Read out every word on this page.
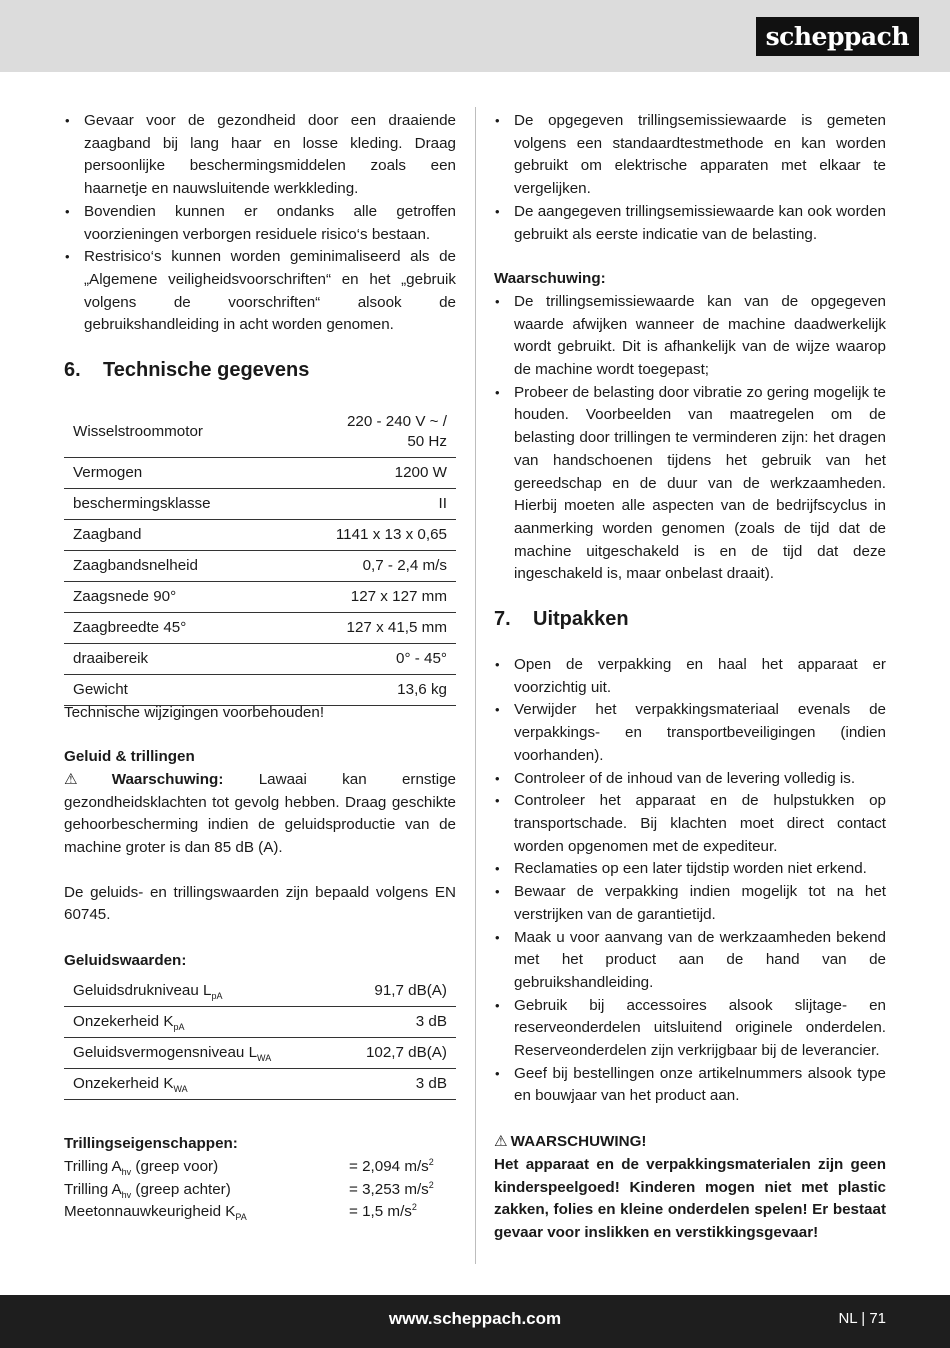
scheppach
• Gevaar voor de gezondheid door een draaiende zaagband bij lang haar en losse kleding. Draag persoonlijke beschermingsmiddelen zoals een haarnetje en nauwsluitende werkkleding.
• Bovendien kunnen er ondanks alle getroffen voorzieningen verborgen residuele risico‘s bestaan.
• Restrisico‘s kunnen worden geminimaliseerd als de „Algemene veiligheidsvoorschriften“ en het „gebruik volgens de voorschriften“ alsook de gebruikshandleiding in acht worden genomen.
6.	Technische gegevens
Wisselstroommotor	220 - 240 V ~ /
50 Hz
Vermogen	1200 W
beschermingsklasse	II
Zaagband	1141 x 13 x 0,65
Zaagbandsnelheid	0,7 - 2,4 m/s
Zaagsnede 90°	127 x 127 mm
Zaagbreedte 45°	127 x 41,5 mm
draaibereik	0° - 45°
Gewicht	13,6 kg

Technische wijzigingen voorbehouden!

Geluid & trillingen

⚠ Waarschuwing: Lawaai kan ernstige gezondheidsklachten tot gevolg hebben. Draag geschikte gehoorbescherming indien de geluidsproductie van de machine groter is dan 85 dB (A).

De geluids- en trillingswaarden zijn bepaald volgens EN 60745.

Geluidswaarden:

Geluidsdrukniveau $L_{pA}$	91,7 dB(A)
Onzekerheid $K_{pA}$	3 dB
Geluidsvermogensniveau $L_{WA}$	102,7 dB(A)
Onzekerheid $K_{WA}$	3 dB

Trillingseigenschappen:

Trilling $A_{hv}$ (greep voor)	= 2,094 $m/s^2$
Trilling $A_{hv}$ (greep achter)	= 3,253 $m/s^2$
Meetonnauwkeurigheid $K_{PA}$	= 1,5 $m/s^2$
• De opgegeven trillingsemissiewaarde is gemeten volgens een standaardtestmethode en kan worden gebruikt om elektrische apparaten met elkaar te vergelijken.
• De aangegeven trillingsemissiewaarde kan ook worden gebruikt als eerste indicatie van de belasting.

Waarschuwing:

• De trillingsemissiewaarde kan van de opgegeven waarde afwijken wanneer de machine daadwerkelijk wordt gebruikt. Dit is afhankelijk van de wijze waarop de machine wordt toegepast;
• Probeer de belasting door vibratie zo gering mogelijk te houden. Voorbeelden van maatregelen om de belasting door trillingen te verminderen zijn: het dragen van handschoenen tijdens het gebruik van het gereedschap en de duur van de werkzaamheden. Hierbij moeten alle aspecten van de bedrijfscyclus in aanmerking worden genomen (zoals de tijd dat de machine uitgeschakeld is en de tijd dat deze ingeschakeld is, maar onbelast draait).
7.	Uitpakken
• Open de verpakking en haal het apparaat er voorzichtig uit.
• Verwijder het verpakkingsmateriaal evenals de verpakkings- en transportbeveiligingen (indien voorhanden).
• Controleer of de inhoud van de levering volledig is.
• Controleer het apparaat en de hulpstukken op transportschade. Bij klachten moet direct contact worden opgenomen met de expediteur.
• Reclamaties op een later tijdstip worden niet erkend.
• Bewaar de verpakking indien mogelijk tot na het verstrijken van de garantietijd.
• Maak u voor aanvang van de werkzaamheden bekend met het product aan de hand van de gebruikshandleiding.
• Gebruik bij accessoires alsook slijtage- en reserveonderdelen uitsluitend originele onderdelen. Reserveonderdelen zijn verkrijgbaar bij de leverancier.
• Geef bij bestellingen onze artikelnummers alsook type en bouwjaar van het product aan.

⚠ WAARSCHUWING!

Het apparaat en de verpakkingsmaterialen zijn geen kinderspeelgoed! Kinderen mogen niet met plastic zakken, folies en kleine onderdelen spelen! Er bestaat gevaar voor inslikken en verstikkingsgevaar!

www.scheppach.com	NL | 71
